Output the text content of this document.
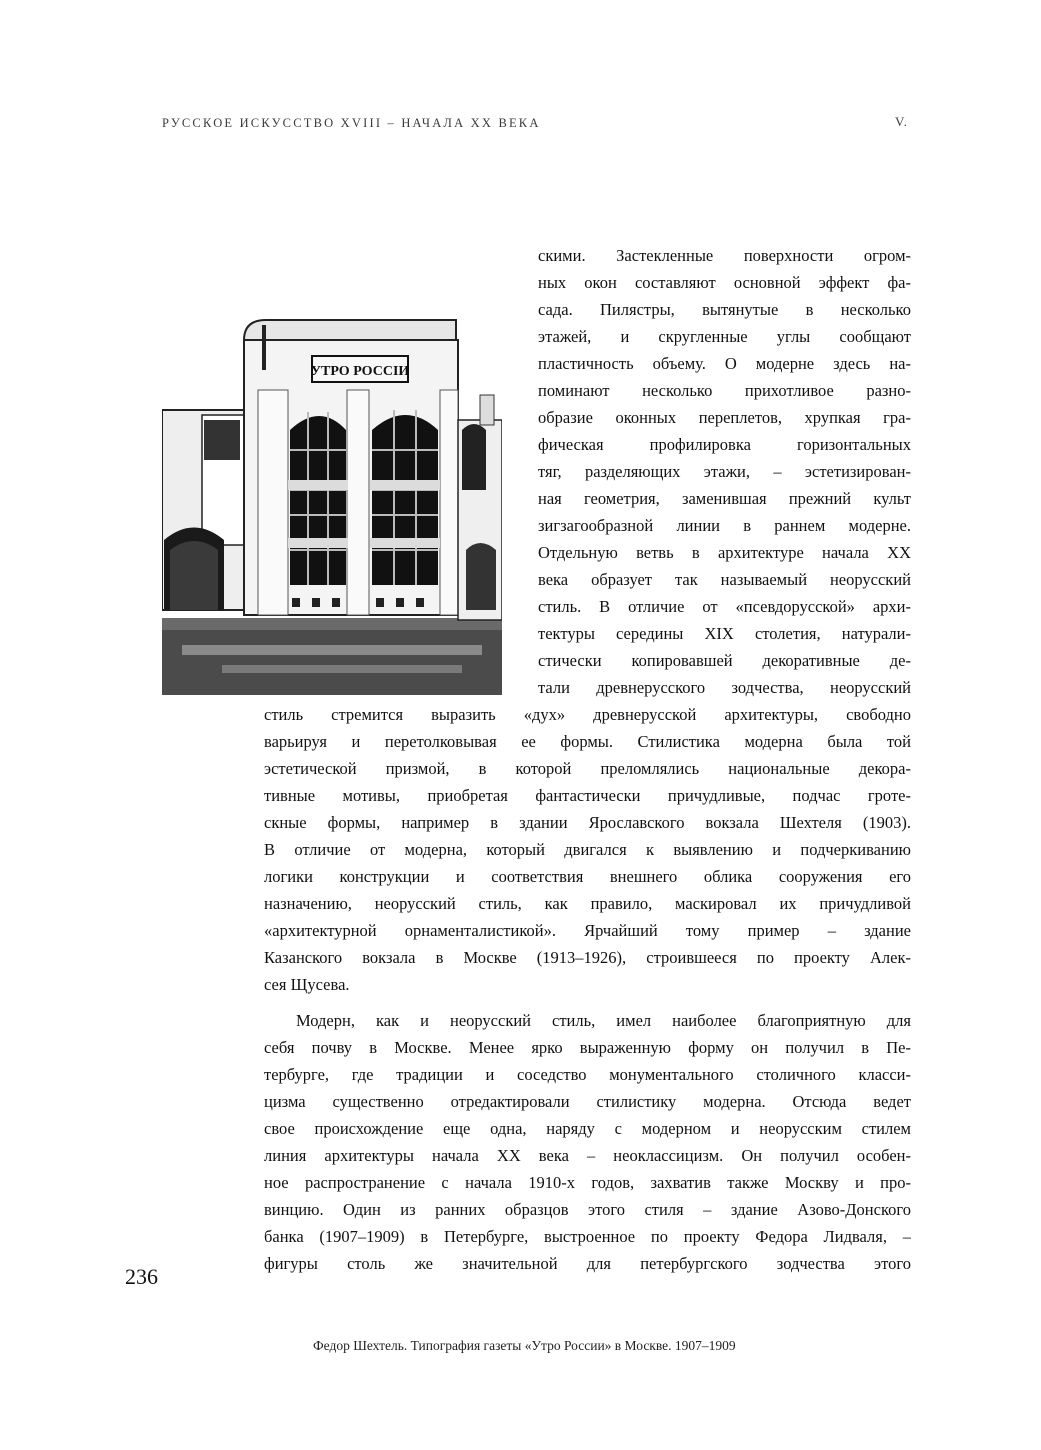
РУССКОЕ ИСКУССТВО XVIII – НАЧАЛА XX ВЕКА	V.
УТРО РОССІИ
скими. Застекленные поверхности огром-
ных окон составляют основной эффект фа-
сада. Пилястры, вытянутые в несколько
этажей, и скругленные углы сообщают
пластичность объему. О модерне здесь на-
поминают несколько прихотливое разно-
образие оконных переплетов, хрупкая гра-
фическая профилировка горизонтальных
тяг, разделяющих этажи, – эстетизирован-
ная геометрия, заменившая прежний культ
зигзагообразной линии в раннем модерне.
Отдельную ветвь в архитектуре начала XX
века образует так называемый неорусский
стиль. В отличие от «псевдорусской» архи-
тектуры середины XIX столетия, натурали-
стически копировавшей декоративные де-
тали древнерусского зодчества, неорусский
стиль стремится выразить «дух» древнерусской архитектуры, свободно
варьируя и перетолковывая ее формы. Стилистика модерна была той
эстетической призмой, в которой преломлялись национальные декора-
тивные мотивы, приобретая фантастически причудливые, подчас гроте-
скные формы, например в здании Ярославского вокзала Шехтеля (1903).
В отличие от модерна, который двигался к выявлению и подчеркиванию
логики конструкции и соответствия внешнего облика сооружения его
назначению, неорусский стиль, как правило, маскировал их причудливой
«архитектурной орнаменталистикой». Ярчайший тому пример – здание
Казанского вокзала в Москве (1913–1926), строившееся по проекту Алек-
сея Щусева.
Модерн, как и неорусский стиль, имел наиболее благоприятную для
себя почву в Москве. Менее ярко выраженную форму он получил в Пе-
тербурге, где традиции и соседство монументального столичного класси-
цизма существенно отредактировали стилистику модерна. Отсюда ведет
свое происхождение еще одна, наряду с модерном и неорусским стилем
линия архитектуры начала XX века – неоклассицизм. Он получил особен-
ное распространение с начала 1910-х годов, захватив также Москву и про-
винцию. Один из ранних образцов этого стиля – здание Азово-Донского
банка (1907–1909) в Петербурге, выстроенное по проекту Федора Лидваля, –
фигуры столь же значительной для петербургского зодчества этого
236
Федор Шехтель. Типография газеты «Утро России» в Москве. 1907–1909
